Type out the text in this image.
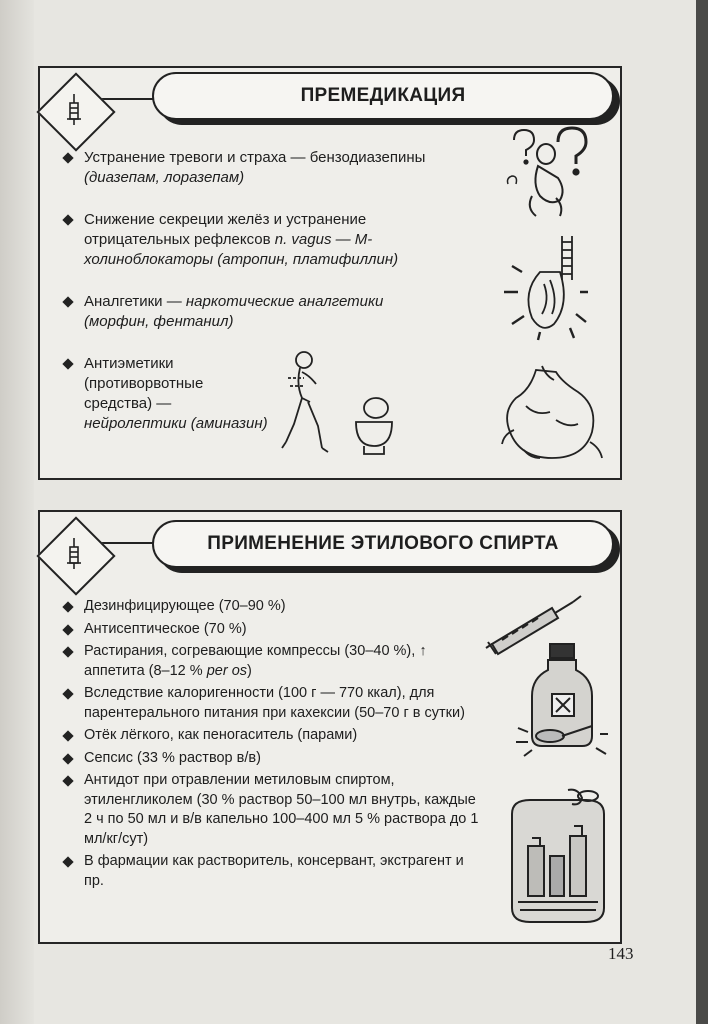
ПРЕМЕДИКАЦИЯ
Устранение тревоги и страха — бензодиазепины (диазепам, лоразепам)
Снижение секреции желёз и устранение отрицательных рефлексов n. vagus — М-холиноблокаторы (атропин, платифиллин)
Аналгетики — наркотические аналгетики (морфин, фентанил)
Антиэметики (противорвотные средства) — нейролептики (аминазин)
ПРИМЕНЕНИЕ ЭТИЛОВОГО СПИРТА
Дезинфицирующее (70–90 %)
Антисептическое (70 %)
Растирания, согревающие компрессы (30–40 %), ↑ аппетита (8–12 % per os)
Вследствие калоригенности (100 г — 770 ккал), для парентерального питания при кахексии (50–70 г в сутки)
Отёк лёгкого, как пеногаситель (парами)
Сепсис (33 % раствор в/в)
Антидот при отравлении метиловым спиртом, этиленгликолем (30 % раствор 50–100 мл внутрь, каждые 2 ч по 50 мл и в/в капельно 100–400 мл 5 % раствора до 1 мл/кг/сут)
В фармации как растворитель, консервант, экстрагент и пр.
143
